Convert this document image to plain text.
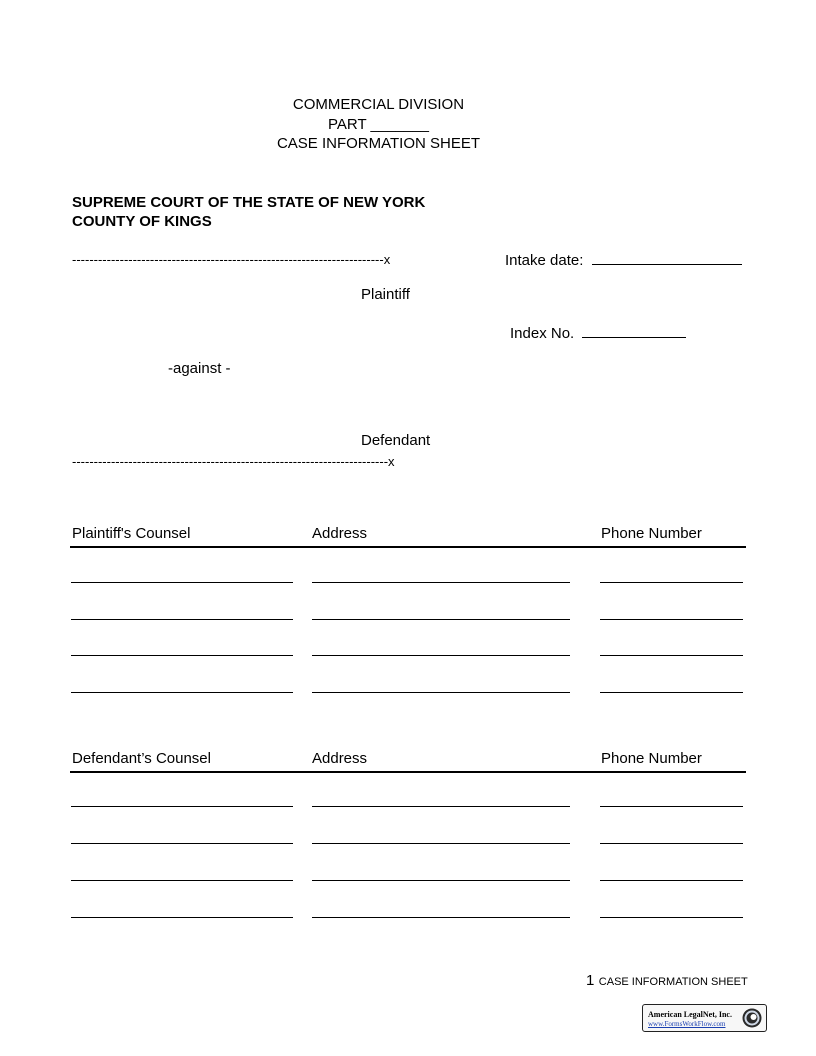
COMMERCIAL DIVISION
PART _______
CASE INFORMATION SHEET
SUPREME COURT OF THE STATE OF NEW YORK
COUNTY OF KINGS
------------------------------------------------------------------------x	Intake date:
Plaintiff
Index No.
-against -
Defendant
-------------------------------------------------------------------------x
Plaintiff's Counsel	Address	Phone Number
Defendant’s Counsel	Address	Phone Number
1 CASE INFORMATION SHEET
American LegalNet, Inc.
www.FormsWorkFlow.com
